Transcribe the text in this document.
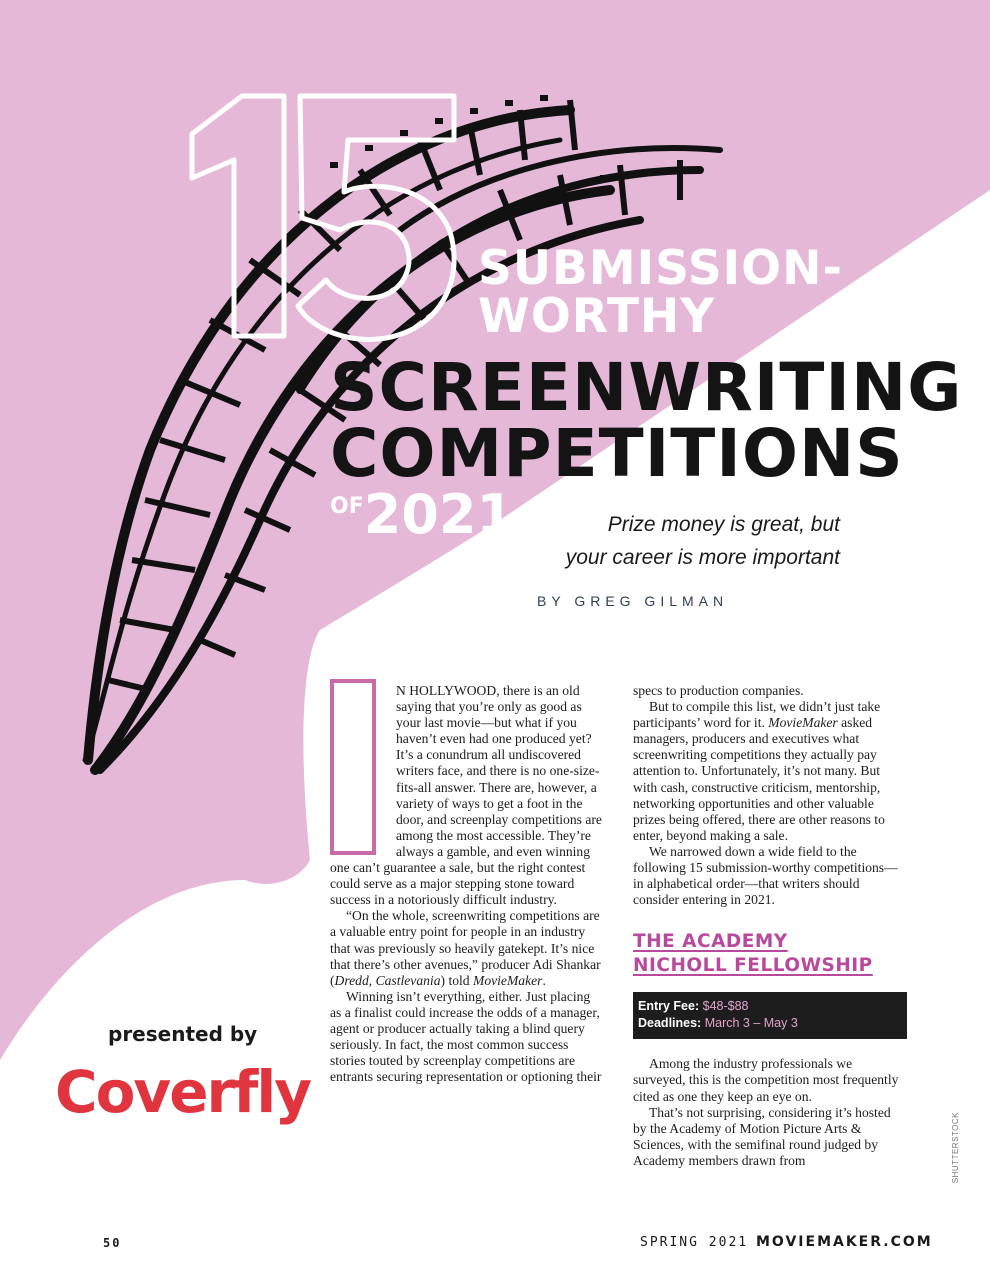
SUBMISSION-
WORTHY
SCREENWRITING
COMPETITIONS
OF2021	Prize money is great, but
your career is more important
BY GREG GILMAN

N HOLLYWOOD, there is an old saying that you’re only as good as your last movie—but what if you haven’t even had one produced yet? It’s a conundrum all undiscovered writers face, and there is no one-size-fits-all answer. There are, however, a variety of ways to get a foot in the door, and screenplay competitions are among the most accessible. They’re always a gamble, and even winning one can’t guarantee a sale, but the right contest could serve as a major stepping stone toward success in a notoriously difficult industry.

“On the whole, screenwriting competitions are a valuable entry point for people in an industry that was previously so heavily gatekept. It’s nice that there’s other avenues,” producer Adi Shankar (Dredd, Castlevania) told MovieMaker.

Winning isn’t everything, either. Just placing as a finalist could increase the odds of a manager, agent or producer actually taking a blind query seriously. In fact, the most common success stories touted by screenplay competitions are entrants securing representation or optioning their

specs to production companies.

But to compile this list, we didn’t just take participants’ word for it. MovieMaker asked managers, producers and executives what screenwriting competitions they actually pay attention to. Unfortunately, it’s not many. But with cash, constructive criticism, mentorship, networking opportunities and other valuable prizes being offered, there are other reasons to enter, beyond making a sale.

We narrowed down a wide field to the following 15 submission-worthy competitions—in alphabetical order—that writers should consider entering in 2021.

THE ACADEMY
NICHOLL FELLOWSHIP
Entry Fee: $48-$88
Deadlines: March 3 – May 3

Among the industry professionals we surveyed, this is the competition most frequently cited as one they keep an eye on.

That’s not surprising, considering it’s hosted by the Academy of Motion Picture Arts & Sciences, with the semifinal round judged by Academy members drawn from

presented by
Coverfly
SHUTTERSTOCK
50	SPRING 2021 MOVIEMAKER.COM
